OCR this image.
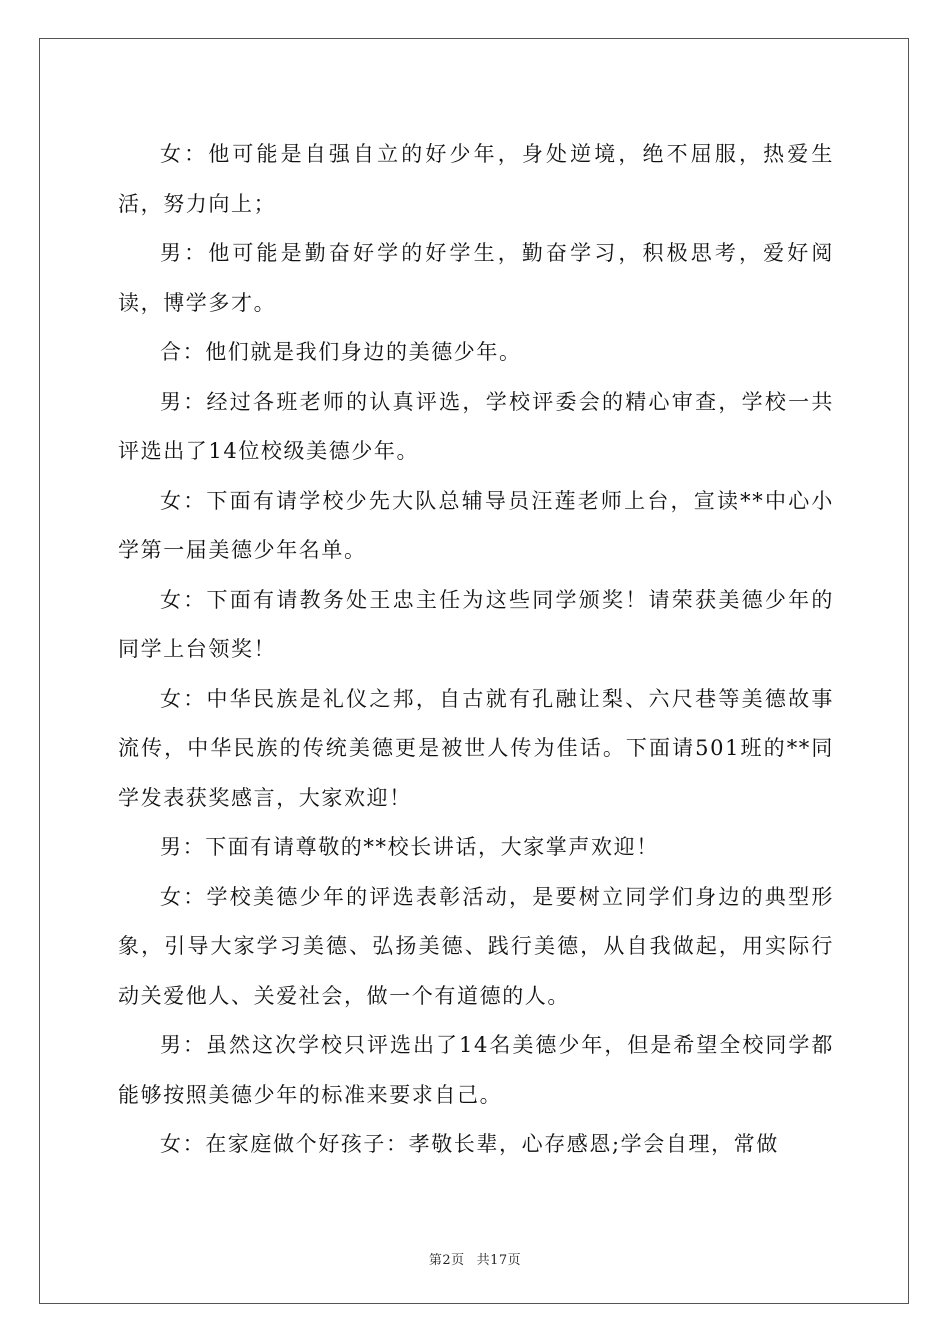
女：他可能是自强自立的好少年，身处逆境，绝不屈服，热爱生活，努力向上；

男：他可能是勤奋好学的好学生，勤奋学习，积极思考，爱好阅读，博学多才。

合：他们就是我们身边的美德少年。

男：经过各班老师的认真评选，学校评委会的精心审查，学校一共评选出了14位校级美德少年。

女：下面有请学校少先大队总辅导员汪莲老师上台，宣读**中心小学第一届美德少年名单。

女：下面有请教务处王忠主任为这些同学颁奖！请荣获美德少年的同学上台领奖！

女：中华民族是礼仪之邦，自古就有孔融让梨、六尺巷等美德故事流传，中华民族的传统美德更是被世人传为佳话。下面请501班的**同学发表获奖感言，大家欢迎！

男：下面有请尊敬的**校长讲话，大家掌声欢迎！

女：学校美德少年的评选表彰活动，是要树立同学们身边的典型形象，引导大家学习美德、弘扬美德、践行美德，从自我做起，用实际行动关爱他人、关爱社会，做一个有道德的人。

男：虽然这次学校只评选出了14名美德少年，但是希望全校同学都能够按照美德少年的标准来要求自己。

女：在家庭做个好孩子：孝敬长辈，心存感恩;学会自理，常做

第2页 共17页
